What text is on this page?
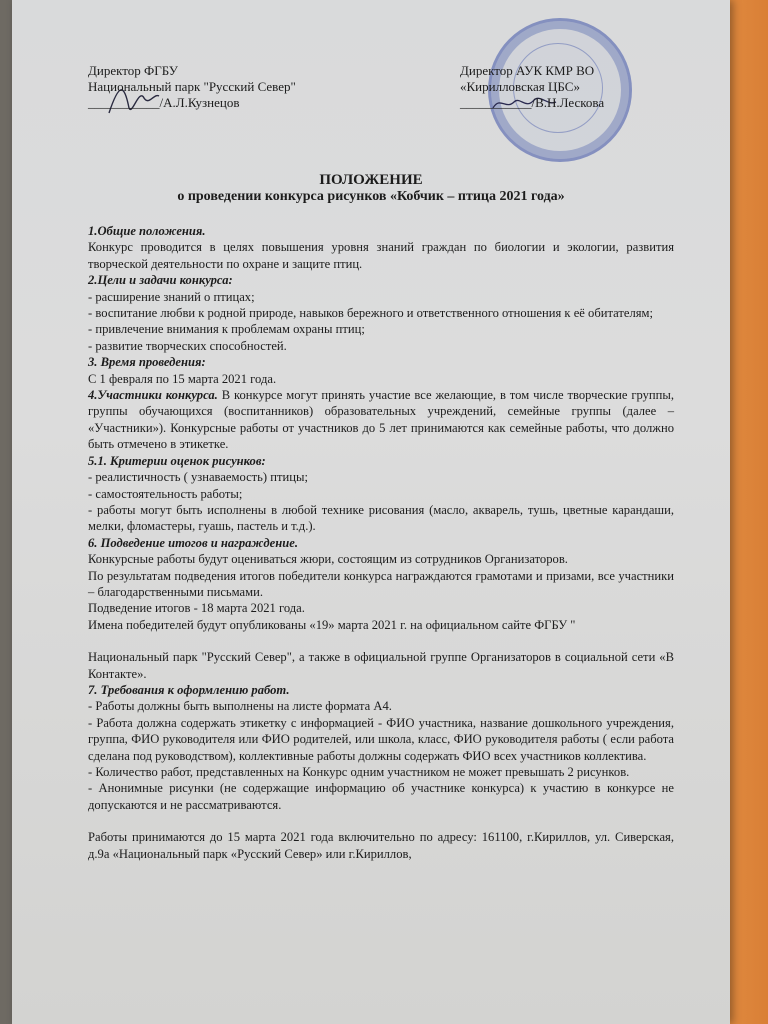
Директор ФГБУ
Национальный парк "Русский Север"
___________/А.Л.Кузнецов
Директор АУК КМР ВО
«Кирилловская ЦБС»
___________/В.Н.Лескова
ПОЛОЖЕНИЕ
о проведении конкурса рисунков «Кобчик – птица 2021 года»

1.Общие положения.

Конкурс проводится в целях повышения уровня знаний граждан по биологии и экологии, развития творческой деятельности по охране и защите птиц.

2.Цели и задачи конкурса:

- расширение знаний о птицах;

- воспитание любви к родной природе, навыков бережного и ответственного отношения к её обитателям;

- привлечение внимания к проблемам охраны птиц;

- развитие творческих способностей.

3. Время проведения:

С 1 февраля по 15 марта 2021 года.

4.Участники конкурса. В конкурсе могут принять участие все желающие, в том числе творческие группы, группы обучающихся (воспитанников) образовательных учреждений, семейные группы (далее – «Участники»). Конкурсные работы от участников до 5 лет принимаются как семейные работы, что должно быть отмечено в этикетке.

5.1. Критерии оценок рисунков:

- реалистичность ( узнаваемость) птицы;

- самостоятельность работы;

- работы могут быть исполнены в любой технике рисования (масло, акварель, тушь, цветные карандаши, мелки, фломастеры, гуашь, пастель и т.д.).

6. Подведение итогов и награждение.

Конкурсные работы будут оцениваться жюри, состоящим из сотрудников Организаторов.

По результатам подведения итогов победители конкурса награждаются грамотами и призами, все участники – благодарственными письмами.

Подведение итогов - 18 марта 2021 года.

Имена победителей будут опубликованы «19» марта 2021 г. на официальном сайте ФГБУ "

Национальный парк "Русский Север", а также в официальной группе Организаторов в социальной сети «В Контакте».

7. Требования к оформлению работ.

- Работы должны быть выполнены на листе формата А4.

- Работа должна содержать этикетку с информацией - ФИО участника, название дошкольного учреждения, группа, ФИО руководителя или ФИО родителей, или школа, класс, ФИО руководителя работы ( если работа сделана под руководством), коллективные работы должны содержать ФИО всех участников коллектива.

- Количество работ, представленных на Конкурс одним участником не может превышать 2 рисунков.

- Анонимные рисунки (не содержащие информацию об участнике конкурса) к участию в конкурсе не допускаются и не рассматриваются.

Работы принимаются до 15 марта 2021 года включительно по адресу: 161100, г.Кириллов, ул. Сиверская, д.9а «Национальный парк «Русский Север» или г.Кириллов,
